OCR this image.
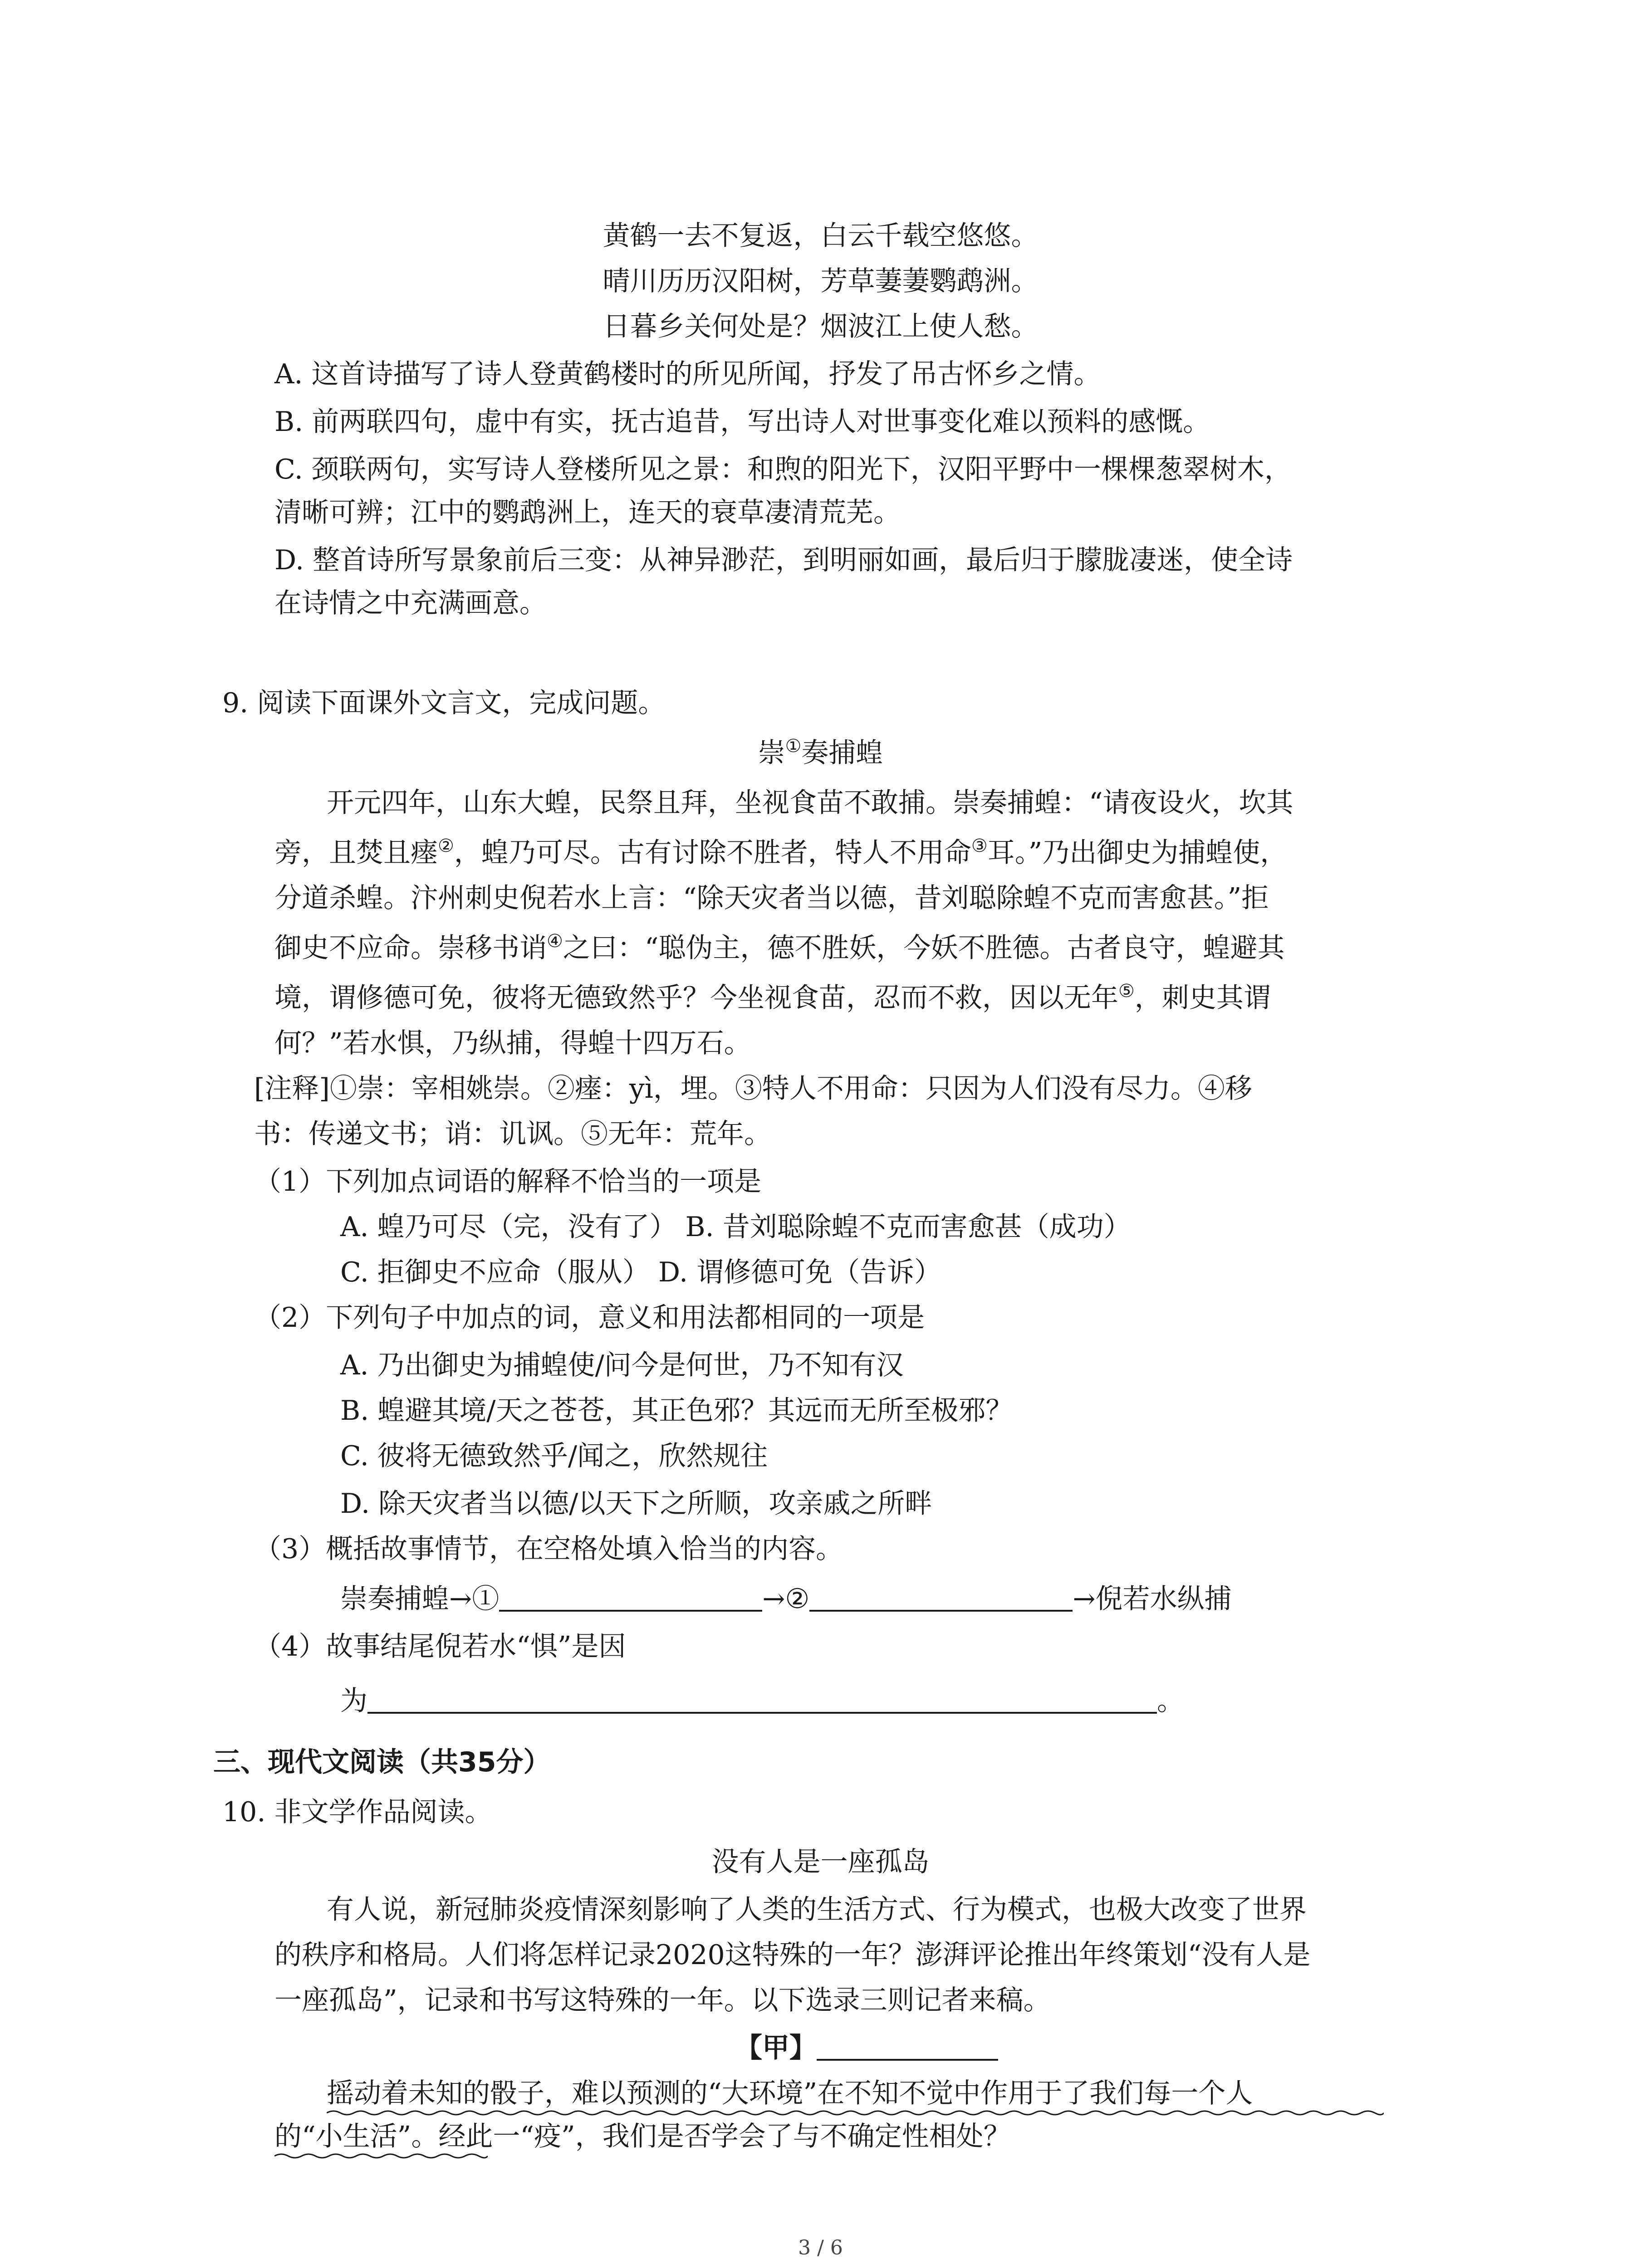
黄鹤一去不复返，白云千载空悠悠。
晴川历历汉阳树，芳草萋萋鹦鹉洲。
日暮乡关何处是？烟波江上使人愁。
A. 这首诗描写了诗人登黄鹤楼时的所见所闻，抒发了吊古怀乡之情。
B. 前两联四句，虚中有实，抚古追昔，写出诗人对世事变化难以预料的感慨。
C. 颈联两句，实写诗人登楼所见之景：和煦的阳光下，汉阳平野中一棵棵葱翠树木，
清晰可辨；江中的鹦鹉洲上，连天的衰草凄清荒芜。
D. 整首诗所写景象前后三变：从神异渺茫，到明丽如画，最后归于朦胧凄迷，使全诗
在诗情之中充满画意。
9. 阅读下面课外文言文，完成问题。
崇①奏捕蝗
开元四年，山东大蝗，民祭且拜，坐视食苗不敢捕。崇奏捕蝗：“请夜设火，坎其
旁，且焚且瘗②，蝗乃可尽。古有讨除不胜者，特人不用命③耳。”乃出御史为捕蝗使，
分道杀蝗。汴州刺史倪若水上言：“除天灾者当以德，昔刘聪除蝗不克而害愈甚。”拒
御史不应命。崇移书诮④之曰：“聪伪主，德不胜妖，今妖不胜德。古者良守，蝗避其
境，谓修德可免，彼将无德致然乎？今坐视食苗，忍而不救，因以无年⑤，刺史其谓
何？”若水惧，乃纵捕，得蝗十四万石。
[注释]①崇：宰相姚崇。②瘗：yì，埋。③特人不用命：只因为人们没有尽力。④移
书：传递文书；诮：讥讽。⑤无年：荒年。
（1）下列加点词语的解释不恰当的一项是
A. 蝗乃可尽（完，没有了） B. 昔刘聪除蝗不克而害愈甚（成功）
C. 拒御史不应命（服从） D. 谓修德可免（告诉）
（2）下列句子中加点的词，意义和用法都相同的一项是
A. 乃出御史为捕蝗使/问今是何世，乃不知有汉
B. 蝗避其境/天之苍苍，其正色邪？其远而无所至极邪？
C. 彼将无德致然乎/闻之，欣然规往
D. 除天灾者当以德/以天下之所顺，攻亲戚之所畔
（3）概括故事情节，在空格处填入恰当的内容。
崇奏捕蝗→①	→②	→倪若水纵捕
（4）故事结尾倪若水“惧”是因
为	。
三、现代文阅读（共35分）
10. 非文学作品阅读。
没有人是一座孤岛
有人说，新冠肺炎疫情深刻影响了人类的生活方式、行为模式，也极大改变了世界
的秩序和格局。人们将怎样记录2020这特殊的一年？澎湃评论推出年终策划“没有人是
一座孤岛”，记录和书写这特殊的一年。以下选录三则记者来稿。
【甲】
摇动着未知的骰子，难以预测的“大环境”在不知不觉中作用于了我们每一个人
的“小生活”。经此一“疫”，我们是否学会了与不确定性相处？
3 / 6
